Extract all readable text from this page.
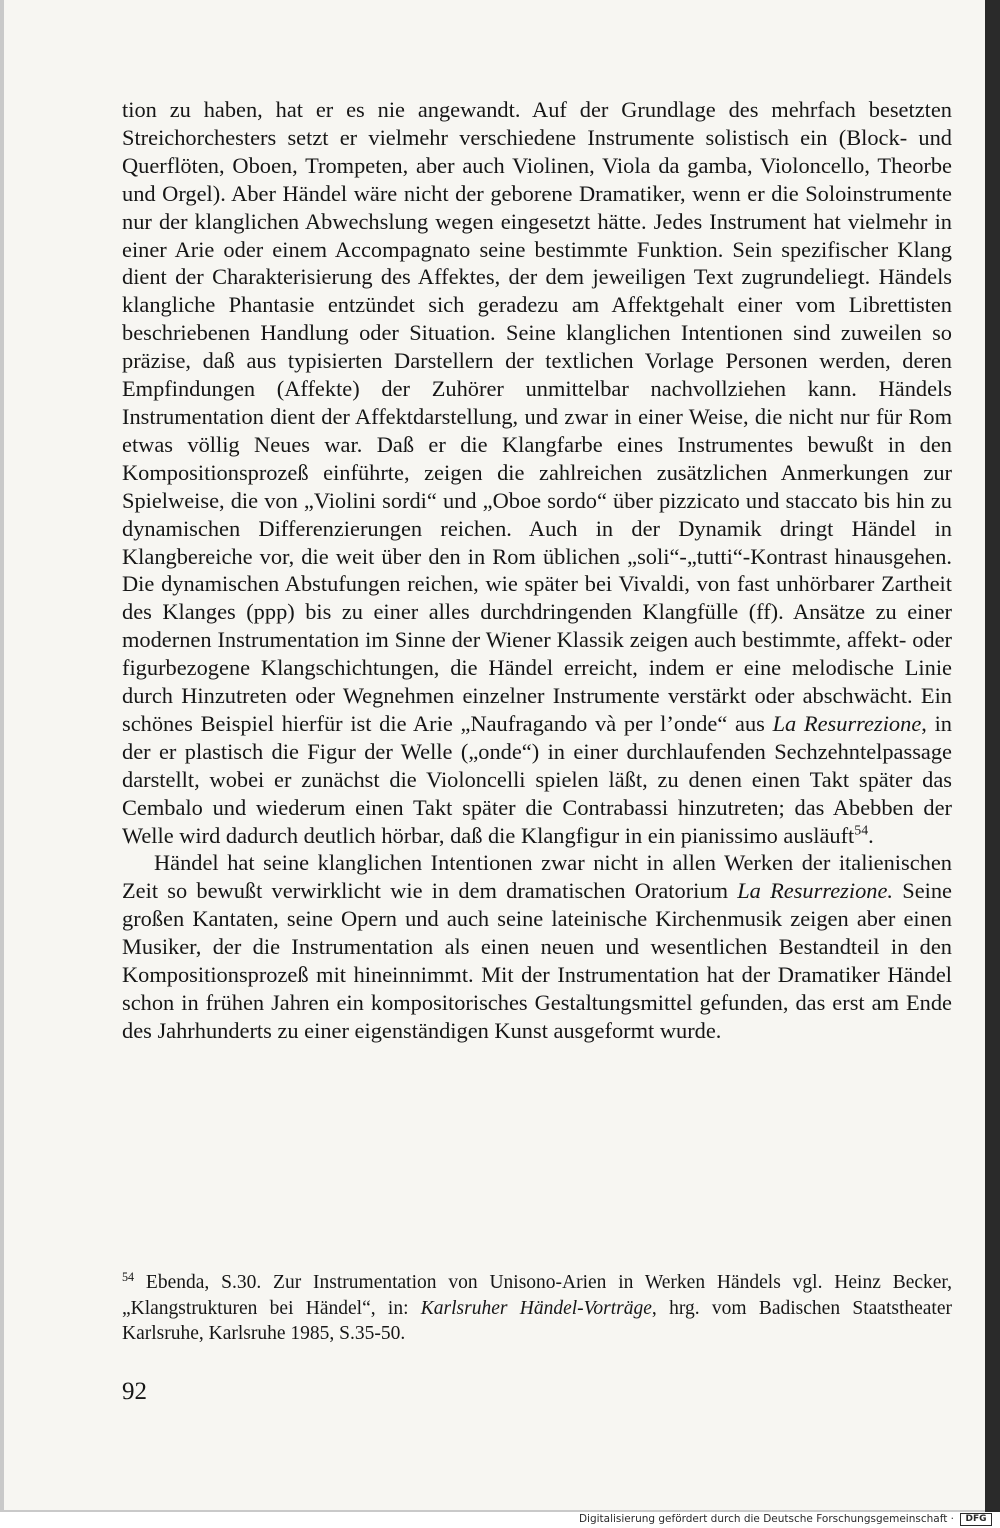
tion zu haben, hat er es nie angewandt. Auf der Grundlage des mehrfach besetzten Streichorchesters setzt er vielmehr verschiedene Instrumente solistisch ein (Block- und Querflöten, Oboen, Trompeten, aber auch Violinen, Viola da gamba, Violoncello, Theorbe und Orgel). Aber Händel wäre nicht der geborene Dramatiker, wenn er die Soloinstrumente nur der klanglichen Abwechslung wegen eingesetzt hätte. Jedes Instrument hat vielmehr in einer Arie oder einem Accompagnato seine bestimmte Funktion. Sein spezifischer Klang dient der Charakterisierung des Affektes, der dem jeweiligen Text zugrundeliegt. Händels klangliche Phantasie entzündet sich geradezu am Affektgehalt einer vom Librettisten beschriebenen Handlung oder Situation. Seine klanglichen Intentionen sind zuweilen so präzise, daß aus typisierten Darstellern der textlichen Vorlage Personen werden, deren Empfindungen (Affekte) der Zuhörer unmittelbar nachvollziehen kann. Händels Instrumentation dient der Affektdarstellung, und zwar in einer Weise, die nicht nur für Rom etwas völlig Neues war. Daß er die Klangfarbe eines Instrumentes bewußt in den Kompositionsprozeß einführte, zeigen die zahlreichen zusätzlichen Anmerkungen zur Spielweise, die von „Violini sordi“ und „Oboe sordo“ über pizzicato und staccato bis hin zu dynamischen Differenzierungen reichen. Auch in der Dynamik dringt Händel in Klangbereiche vor, die weit über den in Rom üblichen „soli“-„tutti“-Kontrast hinausgehen. Die dynamischen Abstufungen reichen, wie später bei Vivaldi, von fast unhörbarer Zartheit des Klanges (ppp) bis zu einer alles durchdringenden Klangfülle (ff). Ansätze zu einer modernen Instrumentation im Sinne der Wiener Klassik zeigen auch bestimmte, affekt- oder figurbezogene Klangschichtungen, die Händel erreicht, indem er eine melodische Linie durch Hinzutreten oder Wegnehmen einzelner Instrumente verstärkt oder abschwächt. Ein schönes Beispiel hierfür ist die Arie „Naufragando và per l’onde“ aus La Resurrezione, in der er plastisch die Figur der Welle („onde“) in einer durchlaufenden Sechzehntelpassage darstellt, wobei er zunächst die Violoncelli spielen läßt, zu denen einen Takt später das Cembalo und wiederum einen Takt später die Contrabassi hinzutreten; das Abebben der Welle wird dadurch deutlich hörbar, daß die Klangfigur in ein pianissimo ausläuft$^{54}$.

Händel hat seine klanglichen Intentionen zwar nicht in allen Werken der italienischen Zeit so bewußt verwirklicht wie in dem dramatischen Oratorium La Resurrezione. Seine großen Kantaten, seine Opern und auch seine lateinische Kirchenmusik zeigen aber einen Musiker, der die Instrumentation als einen neuen und wesentlichen Bestandteil in den Kompositionsprozeß mit hineinnimmt. Mit der Instrumentation hat der Dramatiker Händel schon in frühen Jahren ein kompositorisches Gestaltungsmittel gefunden, das erst am Ende des Jahrhunderts zu einer eigenständigen Kunst ausgeformt wurde.

$^{54}$ Ebenda, S.30. Zur Instrumentation von Unisono-Arien in Werken Händels vgl. Heinz Becker, „Klangstrukturen bei Händel“, in: Karlsruher Händel-Vorträge, hrg. vom Badischen Staatstheater Karlsruhe, Karlsruhe 1985, S.35-50.
92
Digitalisierung gefördert durch die Deutsche Forschungsgemeinschaft ·	DFG
